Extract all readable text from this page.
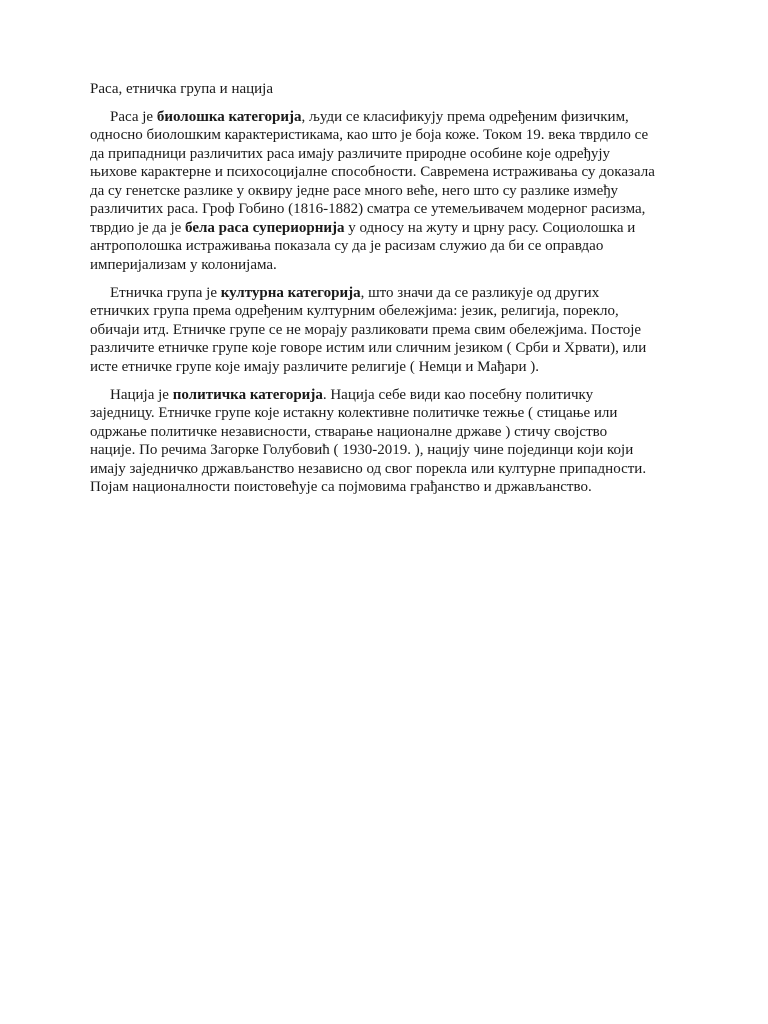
Раса, етничка група и нација
Раса је биолошка категорија, људи се класификују према одређеним физичким,
односно биолошким карактеристикама, као што је боја коже. Током 19. века тврдило се
да припадници различитих раса имају различите природне особине које одређују
њихове карактерне и психосоцијалне способности. Савремена истраживања су доказала
да су генетске разлике у оквиру једне расе много веће, него што су разлике између
различитих раса. Гроф Гобино (1816-1882) сматра се утемељивачем модерног расизма,
тврдио је да је бела раса супериорнија у односу на жуту и црну расу. Социолошка и
антрополошка истраживања показала су да је расизам служио да би се оправдао
империјализам у колонијама.
Етничка група је културна категорија, што значи да се разликује од других
етничких група према одређеним културним обележјима: језик, религија, порекло,
обичаји итд. Етничке групе се не морају разликовати према свим обележјима. Постоје
различите етничке групе које говоре истим или сличним језиком ( Срби и Хрвати), или
исте етничке групе које имају различите религије ( Немци и Мађари ).
Нација је политичка категорија. Нација себе види као посебну политичку
заједницу. Етничке групе које истакну колективне политичке тежње ( стицање или
одржање политичке независности, стварање националне државе ) стичу својство
нације. По речима Загорке Голубовић ( 1930-2019. ), нацију чине појединци који који
имају заједничко држављанство независно од свог порекла или културне припадности.
Појам националности поистовећује са појмовима грађанство и држављанство.
